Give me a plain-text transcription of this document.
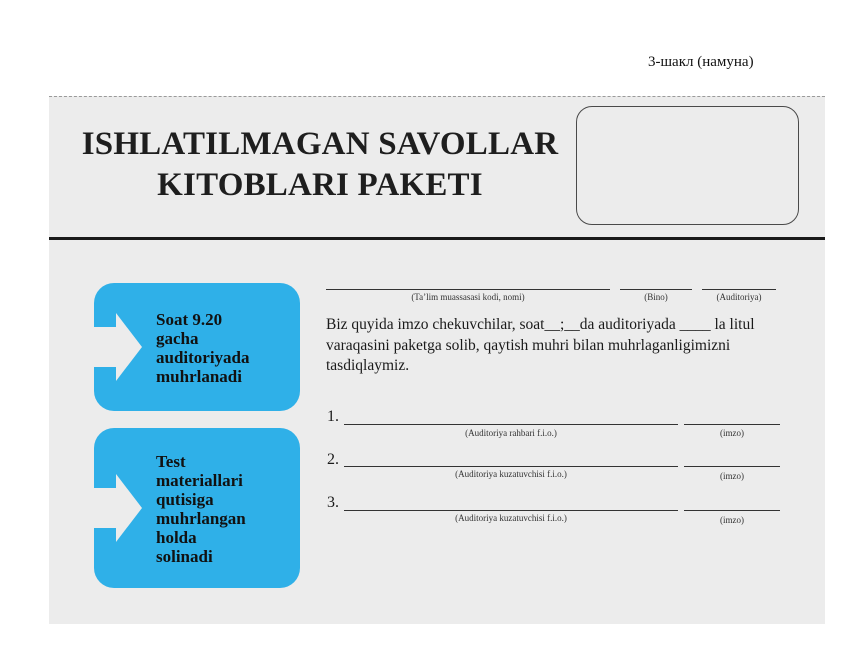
3-шакл (намуна)
ISHLATILMAGAN SAVOLLAR
KITOBLARI PAKETI
Soat 9.20
gacha
auditoriyada
muhrlanadi
Test
materiallari
qutisiga
muhrlangan
holda
solinadi
(Ta’lim muassasasi kodi, nomi)	(Bino)	(Auditoriya)
Biz quyida imzo chekuvchilar, soat__;__da auditoriyada ____ la litul varaqasini paketga solib, qaytish muhri bilan muhrlaganligimizni tasdiqlaymiz.
1.
(Auditoriya rahbari f.i.o.)	(imzo)
2.
(Auditoriya kuzatuvchisi f.i.o.)	(imzo)
3.
(Auditoriya kuzatuvchisi f.i.o.)	(imzo)
